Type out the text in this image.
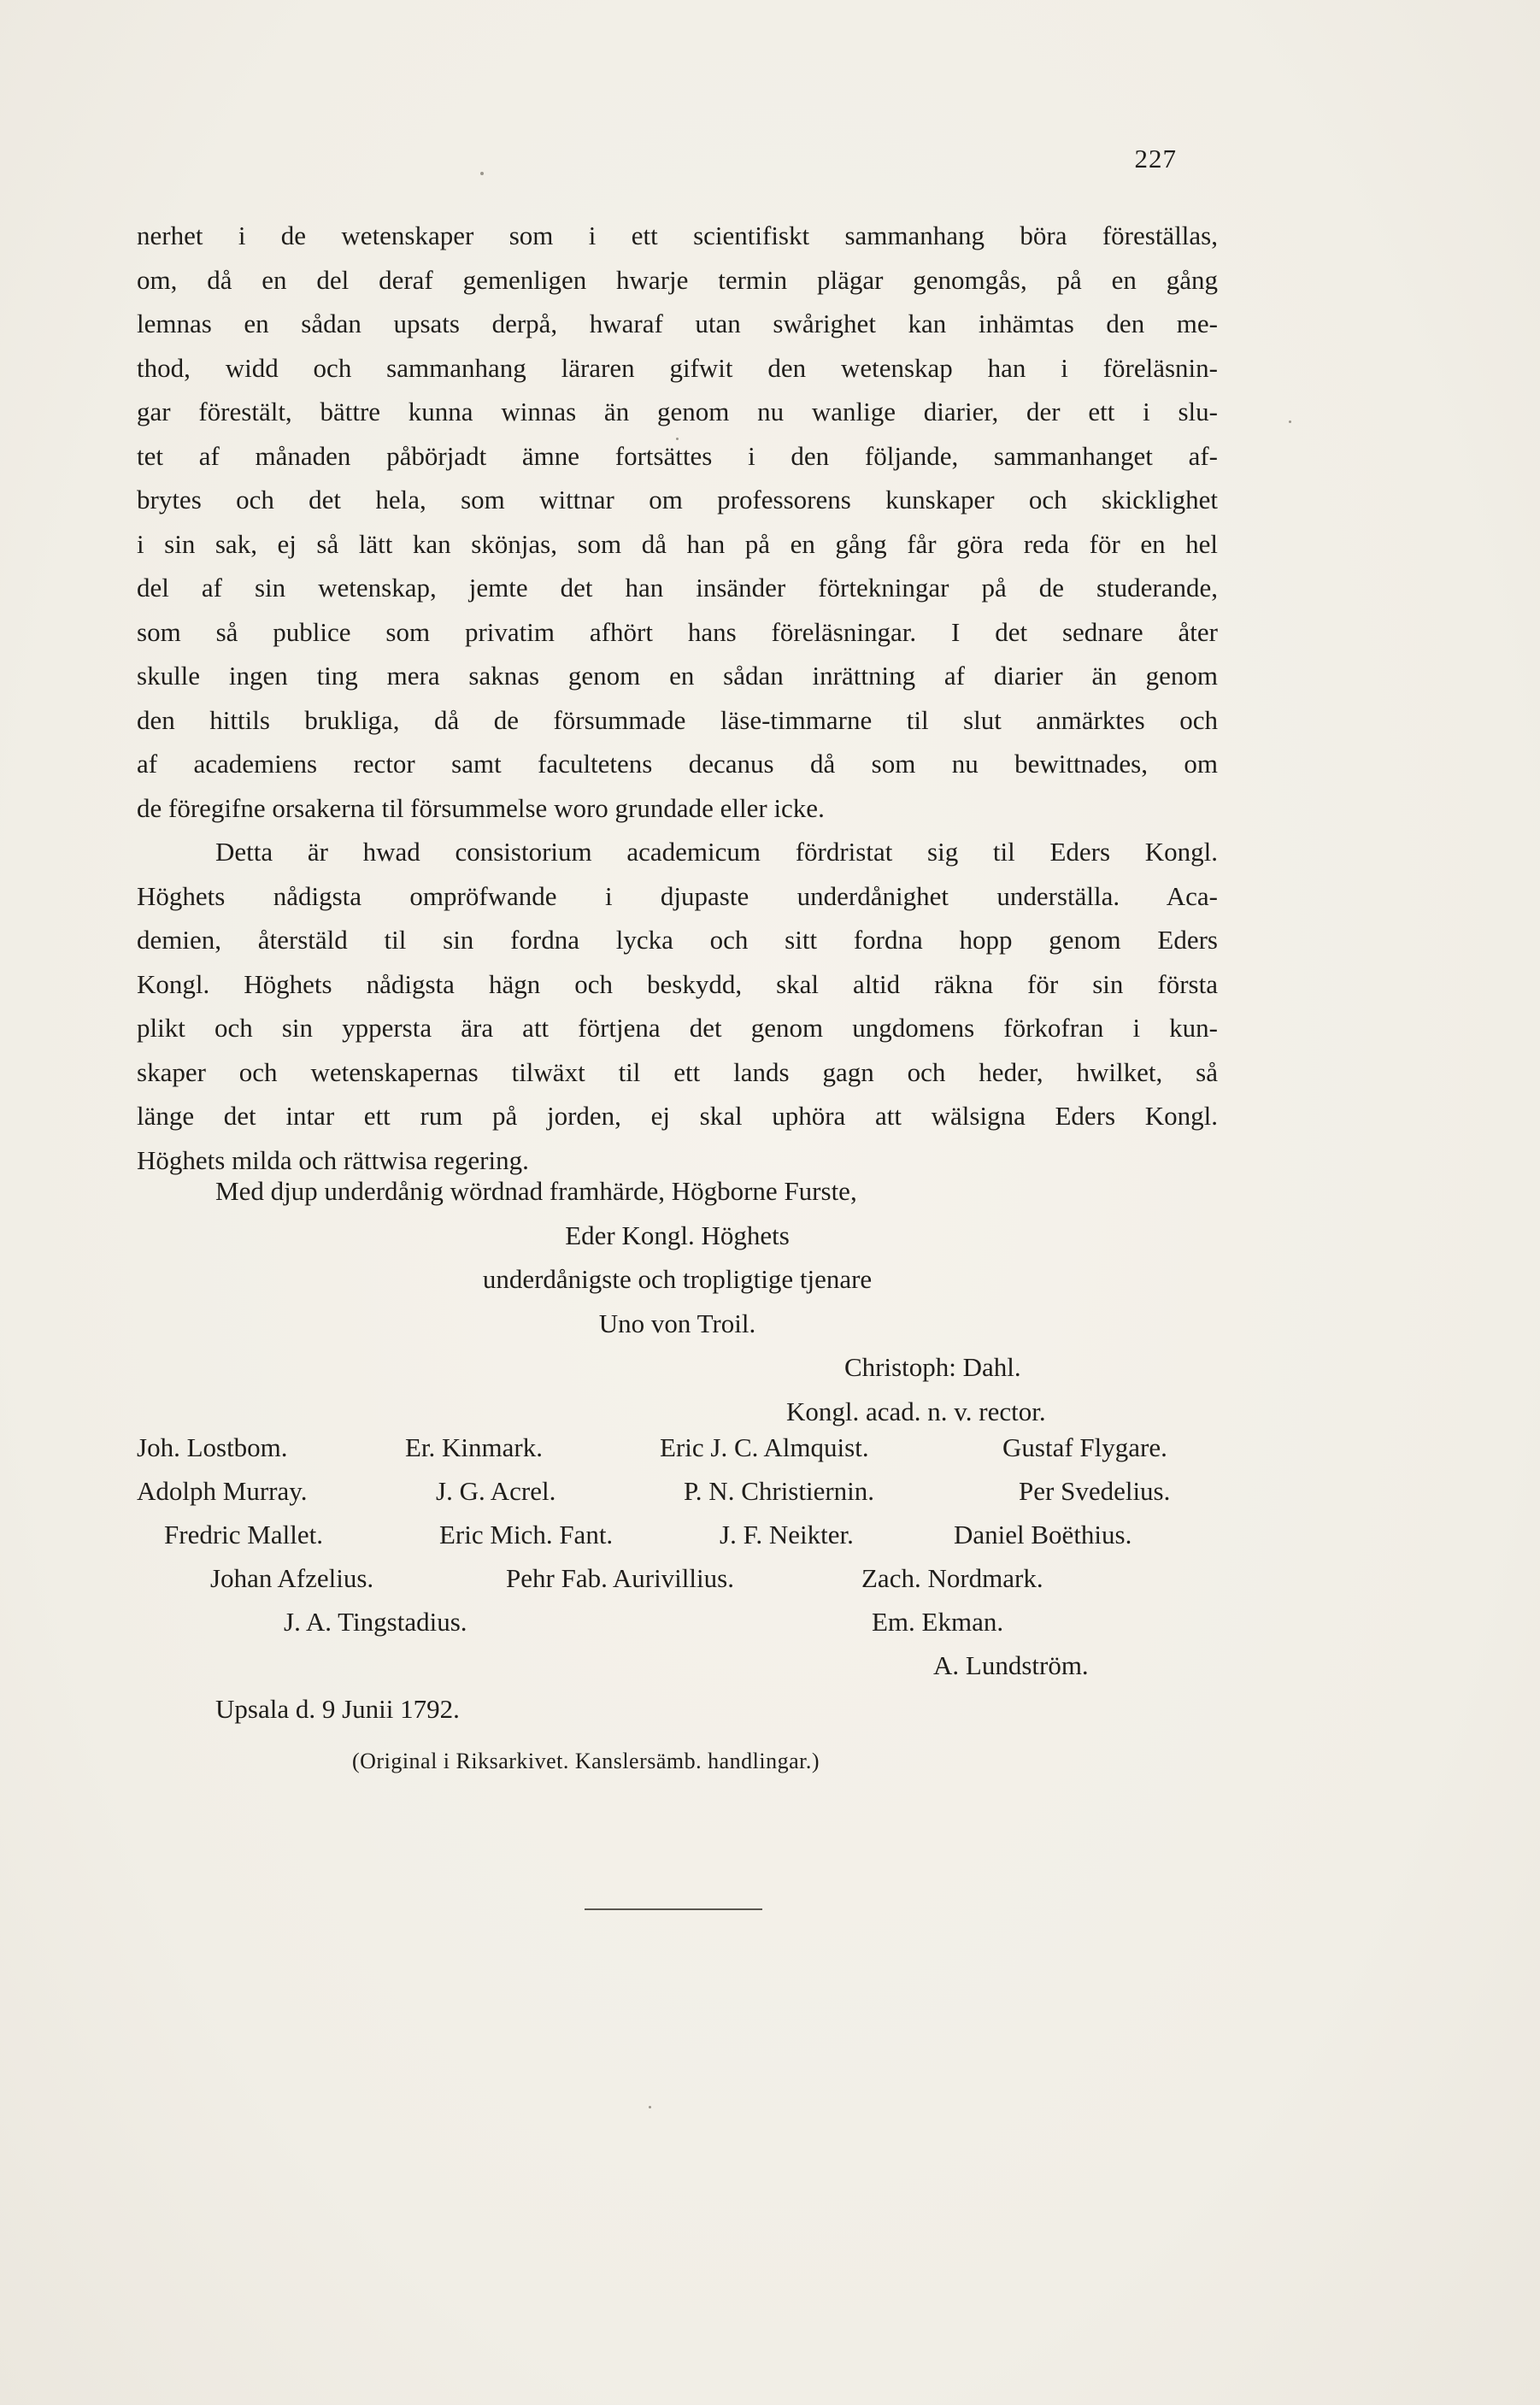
227
nerhet i de wetenskaper som i ett scientifiskt sammanhang böra föreställas,
om, då en del deraf gemenligen hwarje termin plägar genomgås, på en gång
lemnas en sådan upsats derpå, hwaraf utan swårighet kan inhämtas den me-
thod, widd och sammanhang läraren gifwit den wetenskap han i föreläsnin-
gar förestält, bättre kunna winnas än genom nu wanlige diarier, der ett i slu-
tet af månaden påbörjadt ämne fortsättes i den följande, sammanhanget af-
brytes och det hela, som wittnar om professorens kunskaper och skicklighet
i sin sak, ej så lätt kan skönjas, som då han på en gång får göra reda för en hel
del af sin wetenskap, jemte det han insänder förtekningar på de studerande,
som så publice som privatim afhört hans föreläsningar. I det sednare åter
skulle ingen ting mera saknas genom en sådan inrättning af diarier än genom
den hittils brukliga, då de försummade läse-timmarne til slut anmärktes och
af academiens rector samt facultetens decanus då som nu bewittnades, om
de föregifne orsakerna til försummelse woro grundade eller icke.
Detta är hwad consistorium academicum fördristat sig til Eders Kongl.
Höghets nådigsta ompröfwande i djupaste underdånighet underställa. Aca-
demien, återstäld til sin fordna lycka och sitt fordna hopp genom Eders
Kongl. Höghets nådigsta hägn och beskydd, skal altid räkna för sin första
plikt och sin yppersta ära att förtjena det genom ungdomens förkofran i kun-
skaper och wetenskapernas tilwäxt til ett lands gagn och heder, hwilket, så
länge det intar ett rum på jorden, ej skal uphöra att wälsigna Eders Kongl.
Höghets milda och rättwisa regering.
Med djup underdånig wördnad framhärde, Högborne Furste,
Eder Kongl. Höghets
underdånigste och tropligtige tjenare
Uno von Troil.
Christoph: Dahl.
Kongl. acad. n. v. rector.
Joh. Lostbom.	Er. Kinmark.	Eric J. C. Almquist.	Gustaf Flygare.
Adolph Murray.	J. G. Acrel.	P. N. Christiernin.	Per Svedelius.
Fredric Mallet.	Eric Mich. Fant.	J. F. Neikter.	Daniel Boëthius.
Johan Afzelius.	Pehr Fab. Aurivillius.	Zach. Nordmark.
J. A. Tingstadius.	Em. Ekman.
A. Lundström.
Upsala d. 9 Junii 1792.
(Original i Riksarkivet. Kanslersämb. handlingar.)
